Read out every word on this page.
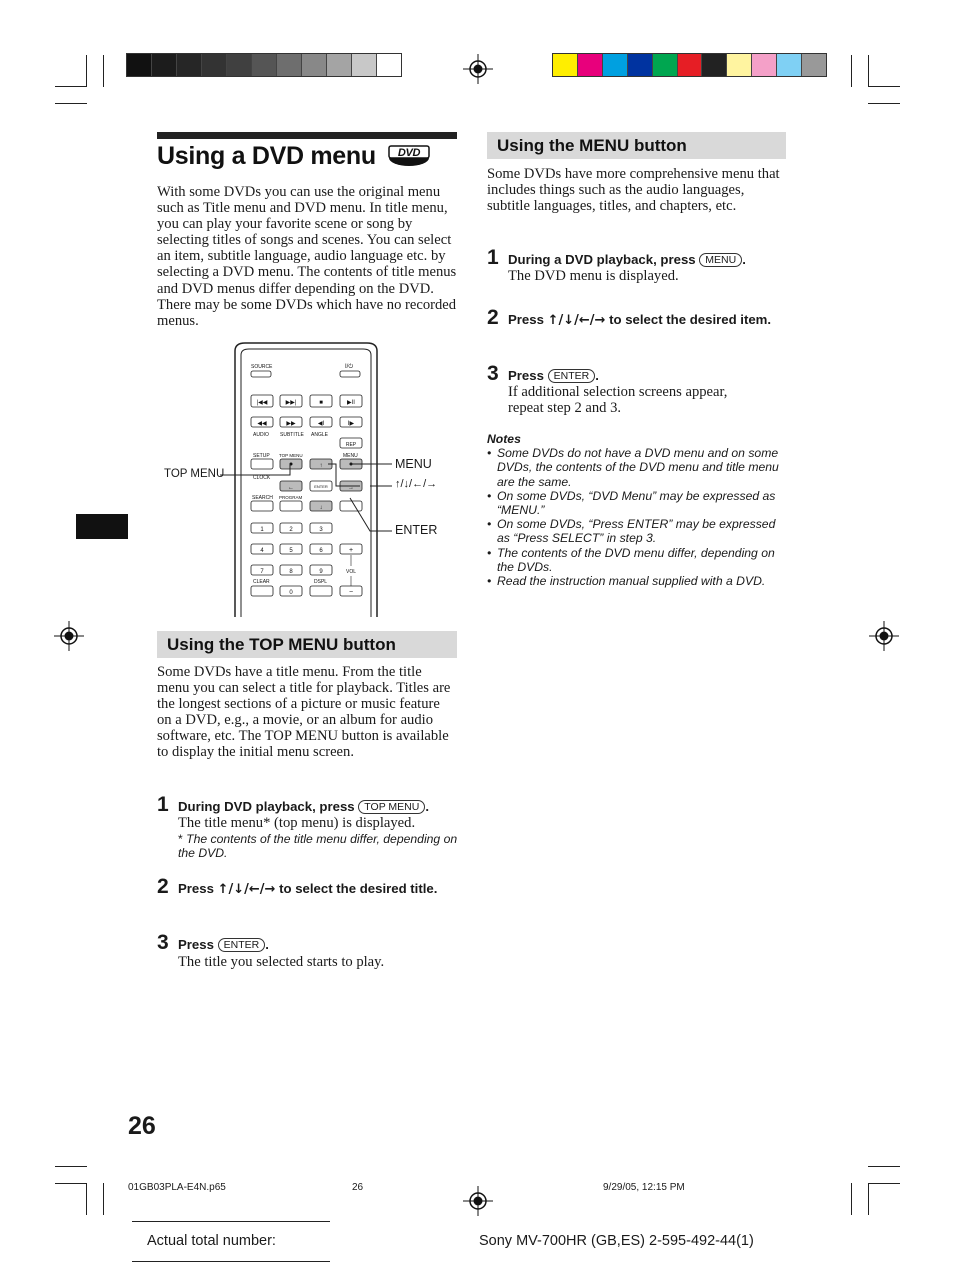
Using a DVD menu DVD

With some DVDs you can use the original menu such as Title menu and DVD menu. In title menu, you can play your favorite scene or song by selecting titles of songs and scenes. You can select an item, subtitle language, audio language etc. by selecting a DVD menu. The contents of title menus and DVD menus differ depending on the DVD. There may be some DVDs which have no recorded menus.

SOURCE	I/⏻
|◀◀	▶▶|	■	▶II
◀◀	▶▶	◀I	I▶
AUDIO SUBTITLE ANGLE
REP
SETUP TOP MENU	MENU
↑
CLOCK
←	ENTER	→
SEARCH PROGRAM
↓
1	2	3
4	5	6	+
7	8	9	VOL
CLEAR	DSPL
0	−
TOP MENU
MENU
↑/↓/←/→
ENTER
Using the TOP MENU button

Some DVDs have a title menu. From the title menu you can select a title for playback. Titles are the longest sections of a picture or music feature on a DVD, e.g., a movie, or an album for audio software, etc. The TOP MENU button is available to display the initial menu screen.

1 During DVD playback, press TOP MENU .
The title menu* (top menu) is displayed.
* The contents of the title menu differ, depending on the DVD.
2 Press ↑/↓/←/→ to select the desired title.
3 Press ENTER .
The title you selected starts to play.
Using the MENU button

Some DVDs have more comprehensive menu that includes things such as the audio languages, subtitle languages, titles, and chapters, etc.

1 During a DVD playback, press MENU .
The DVD menu is displayed.
2 Press ↑/↓/←/→ to select the desired item.
3 Press ENTER .
If additional selection screens appear, repeat step 2 and 3.
Notes
• Some DVDs do not have a DVD menu and on some DVDs, the contents of the DVD menu and title menu are the same.
• On some DVDs, “DVD Menu” may be expressed as “MENU.”
• On some DVDs, “Press ENTER” may be expressed as “Press SELECT” in step 3.
• The contents of the DVD menu differ, depending on the DVDs.
• Read the instruction manual supplied with a DVD.
26
01GB03PLA-E4N.p65	26	9/29/05, 12:15 PM
Actual total number:	Sony MV-700HR (GB,ES) 2-595-492-44(1)
